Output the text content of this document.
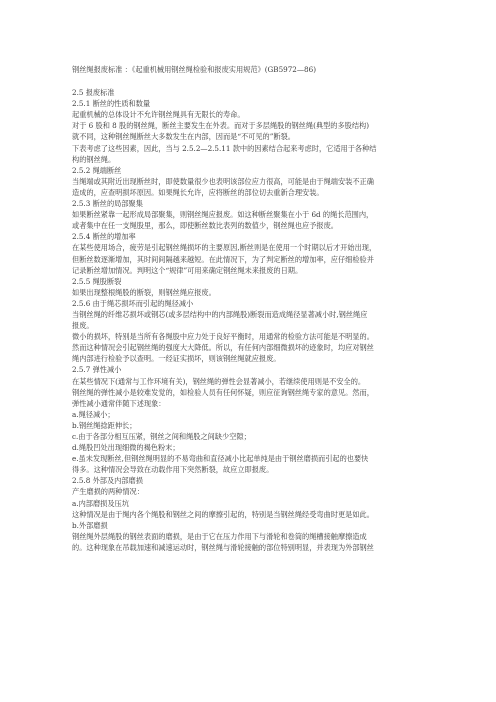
钢丝绳报废标准 ：《起重机械用钢丝绳检验和报废实用规范》(GB5972—86)
2.5 报废标准
2.5.1 断丝的性质和数量
起重机械的总体设计不允许钢丝绳具有无限长的寿命。
对于 6 股和 8 股的钢丝绳，断丝主要发生在外表。而对于多层绳股的钢丝绳(典型的多股结构)
就不同，这种钢丝绳断丝大多数发生在内部，因而是“不可见的”断裂。
下表考虑了这些因素，因此，当与 2.5.2—2.5.11 款中的因素结合起来考虑时，它适用于各种结
构的钢丝绳。
2.5.2 绳端断丝
当绳端或其附近出现断丝时，即使数量很少也表明该部位应力很高，可能是由于绳端安装不正确
造成的，应查明损坏原因。如果绳长允许，应将断丝的部位切去重新合理安装。
2.5.3 断丝的局部聚集
如果断丝紧靠一起形成局部聚集，则钢丝绳应报废。如这种断丝聚集在小于 6d 的绳长范围内，
或者集中在任一支绳股里，那么，即使断丝数比表列的数值少，钢丝绳也应予报废。
2.5.4 断丝的增加率
在某些使用场合，疲劳是引起钢丝绳损坏的主要原因,断丝则是在使用一个时期以后才开始出现，
但断丝数逐渐增加，其时间间隔越来越短。在此情况下，为了判定断丝的增加率，应仔细检验并
记录断丝增加情况。判明这个“规律”可用来确定钢丝绳未来报废的日期。
2.5.5 绳股断裂
如果出现整根绳股的断裂，则钢丝绳应报废。
2.5.6 由于绳芯损坏而引起的绳径减小
当钢丝绳的纤维芯损坏或钢芯(或多层结构中的内部绳股)断裂而造成绳径显著减小时,钢丝绳应
报废。
微小的损坏，特别是当所有各绳股中应力处于良好平衡时，用通常的检验方法可能是不明显的。
然而这种情况会引起钢丝绳的强度大大降低。所以，有任何内部细微损坏的迹象时，均应对钢丝
绳内部进行检验予以查明。一经证实损坏，则该钢丝绳就应报废。
2.5.7 弹性减小
在某些情况下(通常与工作环境有关)，钢丝绳的弹性会显著减小，若继续使用则是不安全的。
钢丝绳的弹性减小是较难发觉的，如检验人员有任何怀疑，则应征询钢丝绳专家的意见。然而，
弹性减小通常伴随下述现象：
a.绳径减小；
b.钢丝绳捻距伸长；
c.由于各部分相互压紧，钢丝之间和绳股之间缺少空隙；
d.绳股凹处出现细微的褐色粉末；
e.虽未发现断丝,但钢丝绳明显的不易弯曲和直径减小比起单纯是由于钢丝磨损而引起的也要快
得多。这种情况会导致在动载作用下突然断裂，故应立即报废。
2.5.8 外部及内部磨损
产生磨损的两种情况：
a.内部磨损及压坑
这种情况是由于绳内各个绳股和钢丝之间的摩擦引起的，特别是当钢丝绳经受弯曲时更是如此。
b.外部磨损
钢丝绳外层绳股的钢丝表面的磨损，是由于它在压力作用下与滑轮和卷筒的绳槽接触摩擦造成
的。这种现象在吊载加速和减速运动时，钢丝绳与滑轮接触的部位特别明显，并表现为外部钢丝
